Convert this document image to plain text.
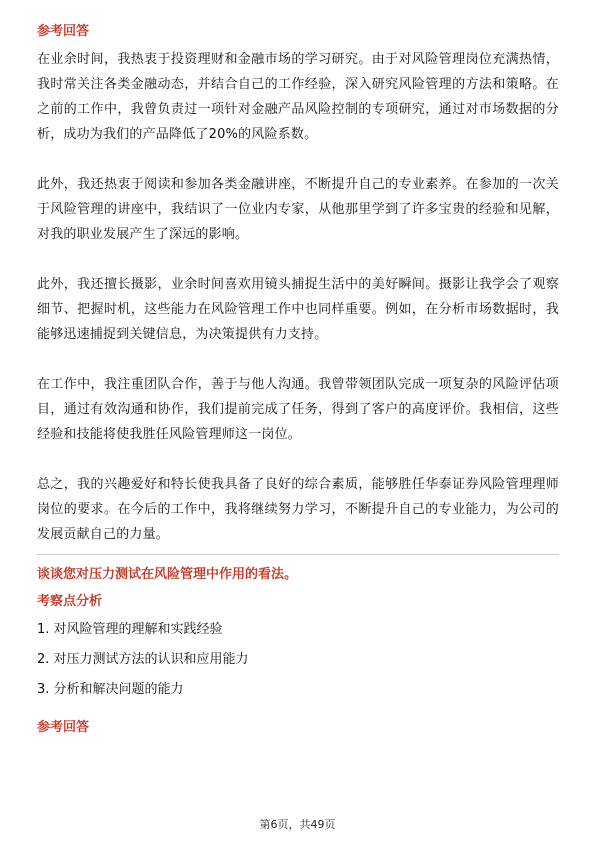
参考回答

在业余时间，我热衷于投资理财和金融市场的学习研究。由于对风险管理岗位充满热情，我时常关注各类金融动态，并结合自己的工作经验，深入研究风险管理的方法和策略。在之前的工作中，我曾负责过一项针对金融产品风险控制的专项研究，通过对市场数据的分析，成功为我们的产品降低了20%的风险系数。

此外，我还热衷于阅读和参加各类金融讲座，不断提升自己的专业素养。在参加的一次关于风险管理的讲座中，我结识了一位业内专家，从他那里学到了许多宝贵的经验和见解，对我的职业发展产生了深远的影响。

此外，我还擅长摄影，业余时间喜欢用镜头捕捉生活中的美好瞬间。摄影让我学会了观察细节、把握时机，这些能力在风险管理工作中也同样重要。例如，在分析市场数据时，我能够迅速捕捉到关键信息，为决策提供有力支持。

在工作中，我注重团队合作，善于与他人沟通。我曾带领团队完成一项复杂的风险评估项目，通过有效沟通和协作，我们提前完成了任务，得到了客户的高度评价。我相信，这些经验和技能将使我胜任风险管理师这一岗位。

总之，我的兴趣爱好和特长使我具备了良好的综合素质，能够胜任华泰证券风险管理理师岗位的要求。在今后的工作中，我将继续努力学习，不断提升自己的专业能力，为公司的发展贡献自己的力量。

谈谈您对压力测试在风险管理中作用的看法。

考察点分析

1. 对风险管理的理解和实践经验

2. 对压力测试方法的认识和应用能力

3. 分析和解决问题的能力

参考回答

第6页，共49页
